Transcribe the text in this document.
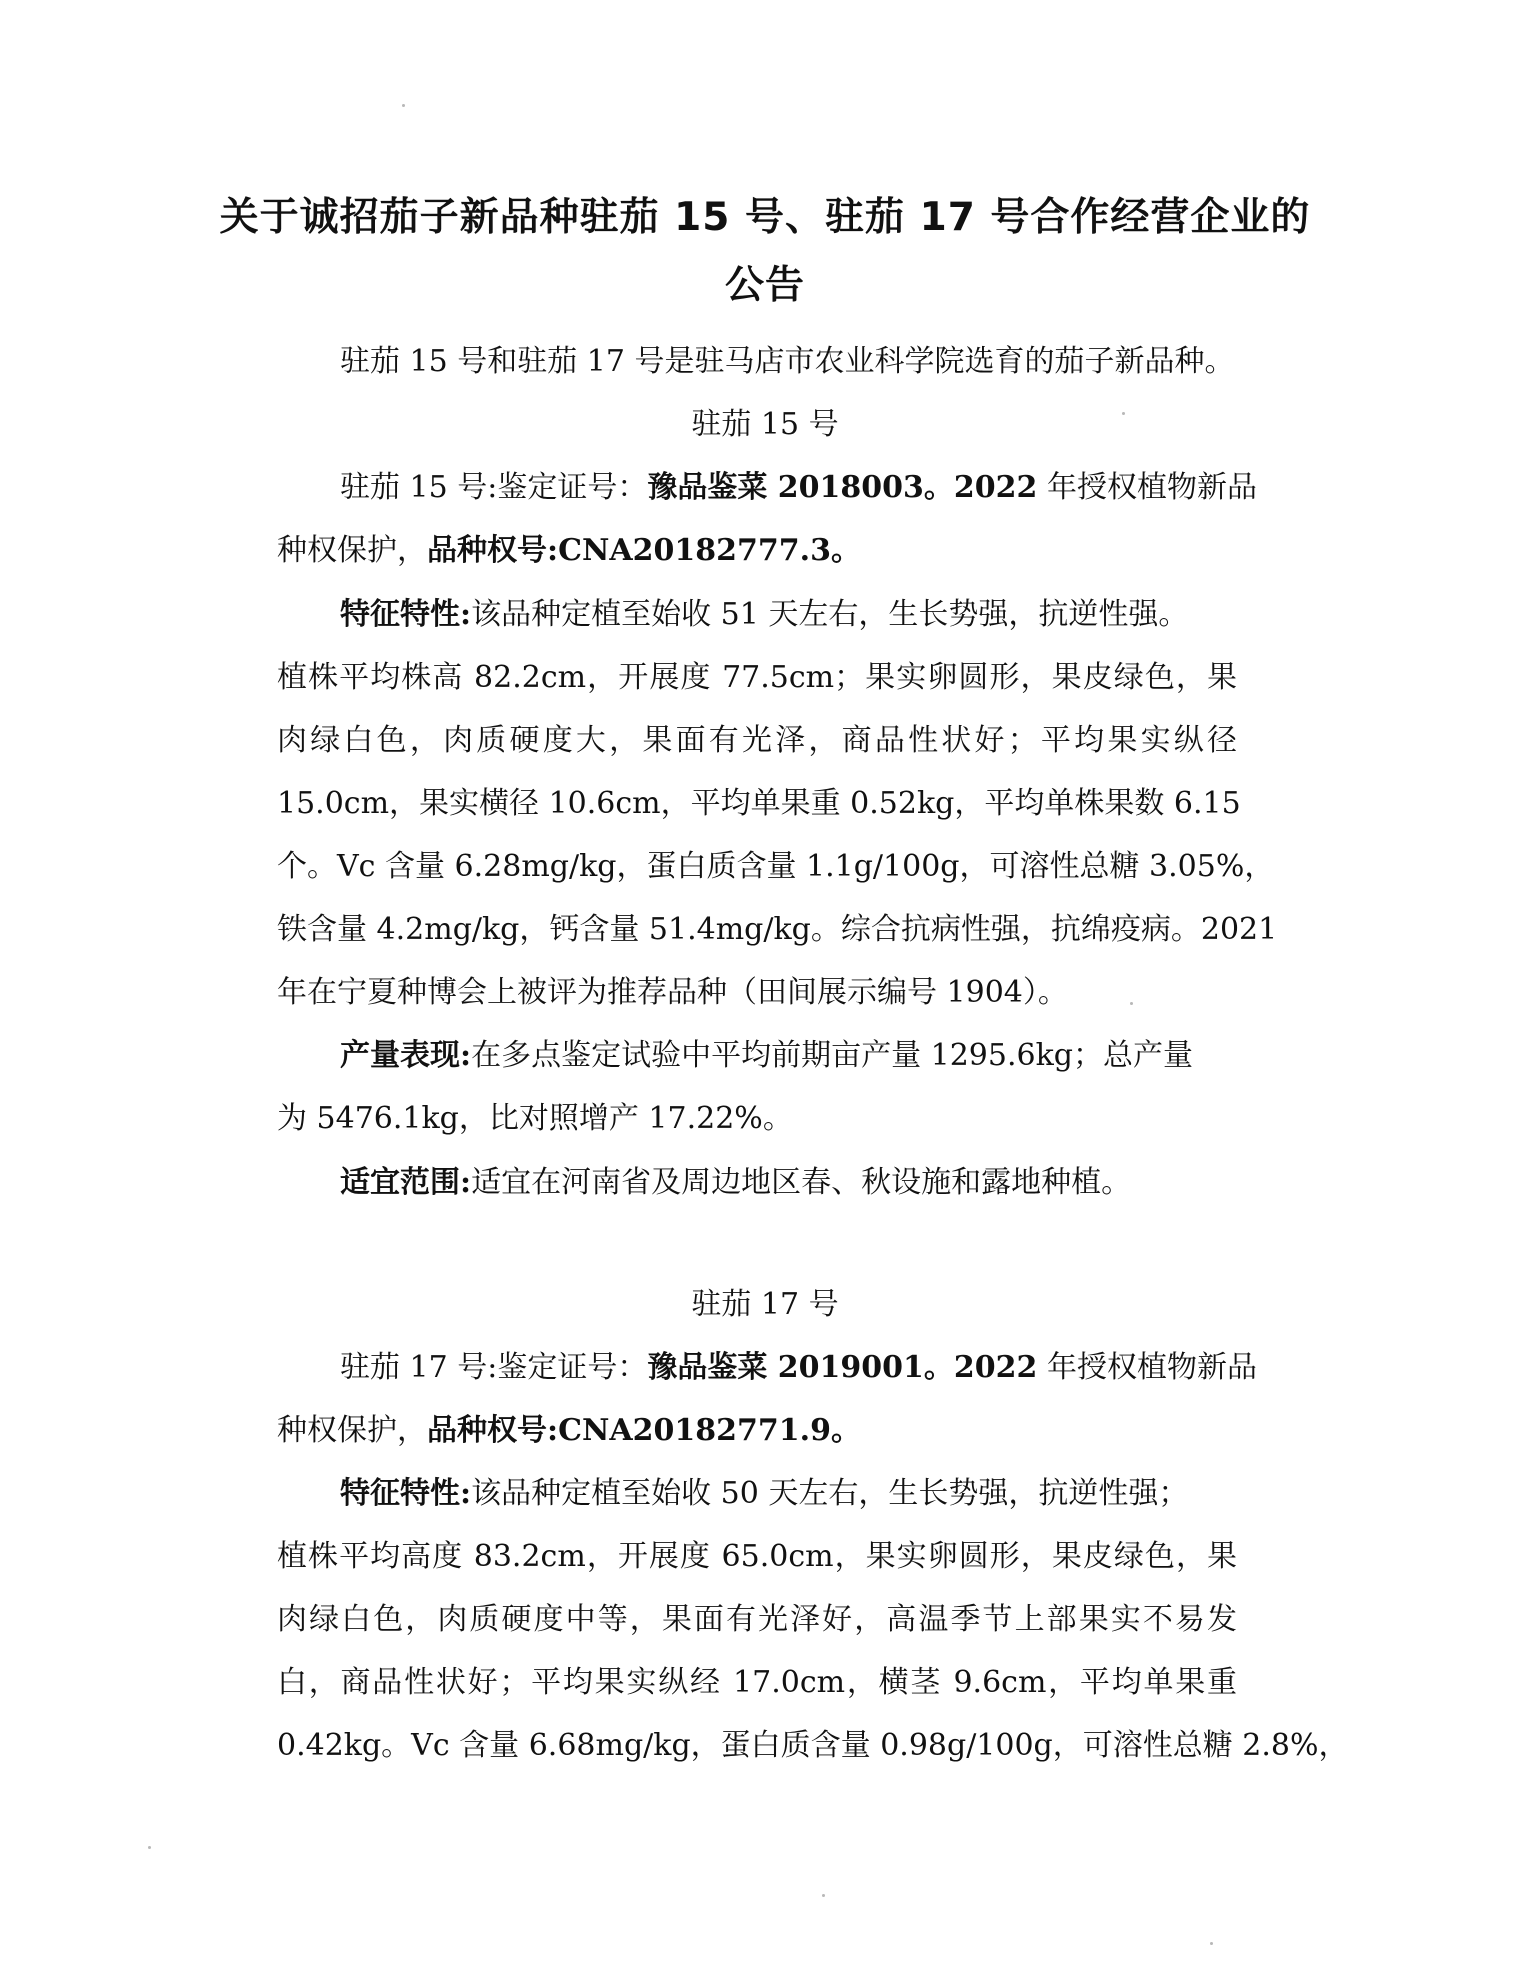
关于诚招茄子新品种驻茄 15 号、驻茄 17 号合作经营企业的
公告
驻茄 15 号和驻茄 17 号是驻马店市农业科学院选育的茄子新品种。
驻茄 15 号
驻茄 15 号:鉴定证号：豫品鉴菜 2018003。2022 年授权植物新品
种权保护，品种权号:CNA20182777.3。
特征特性:该品种定植至始收 51 天左右，生长势强，抗逆性强。
植株平均株高 82.2cm，开展度 77.5cm；果实卵圆形，果皮绿色，果
肉绿白色，肉质硬度大，果面有光泽，商品性状好；平均果实纵径
15.0cm，果实横径 10.6cm，平均单果重 0.52kg，平均单株果数 6.15
个。Vc 含量 6.28mg/kg，蛋白质含量 1.1g/100g，可溶性总糖 3.05%，
铁含量 4.2mg/kg，钙含量 51.4mg/kg。综合抗病性强，抗绵疫病。2021
年在宁夏种博会上被评为推荐品种（田间展示编号 1904）。
产量表现:在多点鉴定试验中平均前期亩产量 1295.6kg；总产量
为 5476.1kg，比对照增产 17.22%。
适宜范围:适宜在河南省及周边地区春、秋设施和露地种植。
驻茄 17 号
驻茄 17 号:鉴定证号：豫品鉴菜 2019001。2022 年授权植物新品
种权保护，品种权号:CNA20182771.9。
特征特性:该品种定植至始收 50 天左右，生长势强，抗逆性强；
植株平均高度 83.2cm，开展度 65.0cm，果实卵圆形，果皮绿色，果
肉绿白色，肉质硬度中等，果面有光泽好，高温季节上部果实不易发
白，商品性状好；平均果实纵经 17.0cm，横茎 9.6cm，平均单果重
0.42kg。Vc 含量 6.68mg/kg，蛋白质含量 0.98g/100g，可溶性总糖 2.8%，
